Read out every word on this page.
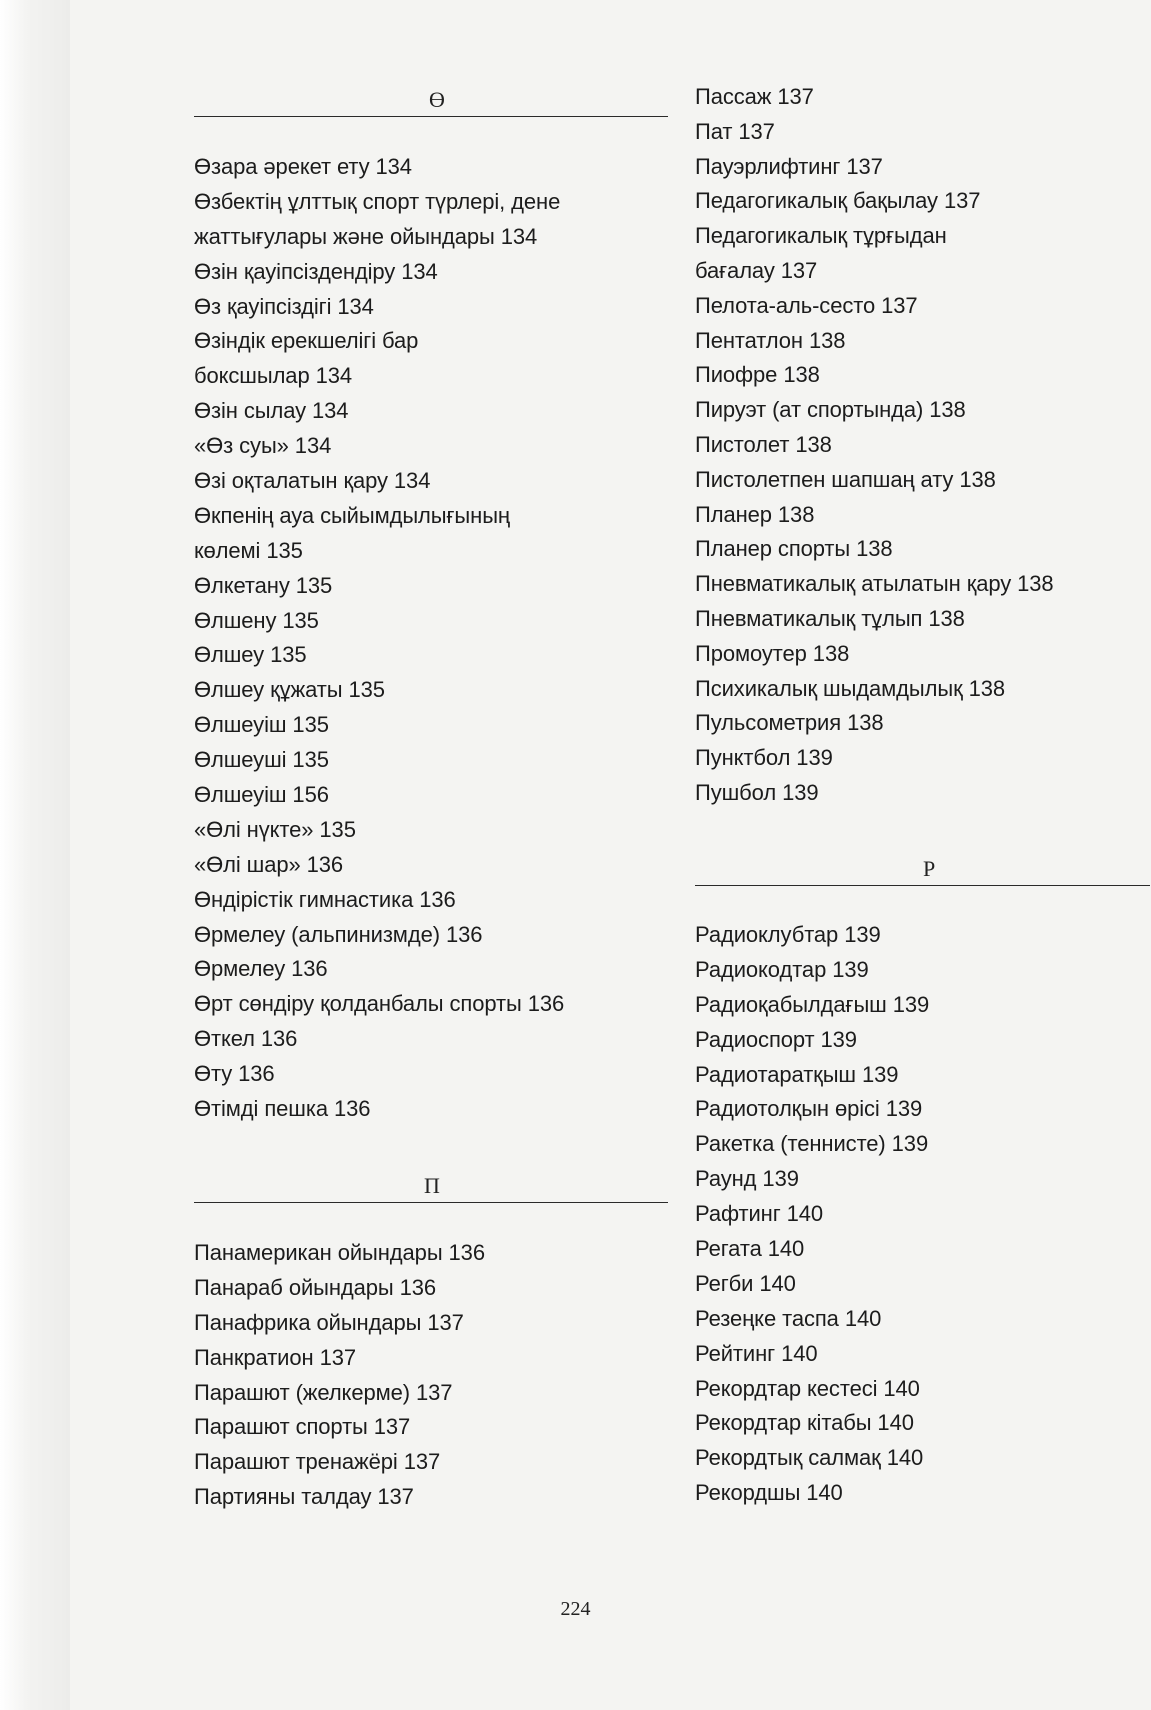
Ө
Өзара әрекет ету 134
Өзбектің ұлттық спорт түрлері, дене
жаттығулары және ойындары 134
Өзін қауіпсіздендіру 134
Өз қауіпсіздігі 134
Өзіндік ерекшелігі бар
боксшылар 134
Өзін сылау 134
«Өз суы» 134
Өзі оқталатын қару 134
Өкпенің ауа сыйымдылығының
көлемі 135
Өлкетану 135
Өлшену 135
Өлшеу 135
Өлшеу құжаты 135
Өлшеуіш 135
Өлшеуші 135
Өлшеуіш 156
«Өлі нүкте» 135
«Өлі шар» 136
Өндірістік гимнастика 136
Өрмелеу (альпинизмде) 136
Өрмелеу 136
Өрт сөндіру қолданбалы спорты 136
Өткел 136
Өту 136
Өтімді пешка 136
П
Панамерикан ойындары 136
Панараб ойындары 136
Панафрика ойындары 137
Панкратион 137
Парашют (желкерме) 137
Парашют спорты 137
Парашют тренажёрі 137
Партияны талдау 137
Пассаж 137
Пат 137
Пауэрлифтинг 137
Педагогикалық бақылау 137
Педагогикалық тұрғыдан
бағалау 137
Пелота-аль-сесто 137
Пентатлон 138
Пиофре 138
Пируэт (ат спортында) 138
Пистолет 138
Пистолетпен шапшаң ату 138
Планер 138
Планер спорты 138
Пневматикалық атылатын қару 138
Пневматикалық тұлып 138
Промоутер 138
Психикалық шыдамдылық 138
Пульсометрия 138
Пунктбол 139
Пушбол 139
Р
Радиоклубтар 139
Радиокодтар 139
Радиоқабылдағыш 139
Радиоспорт 139
Радиотаратқыш 139
Радиотолқын өрісі 139
Ракетка (теннисте) 139
Раунд 139
Рафтинг 140
Регата 140
Регби 140
Резеңке таспа 140
Рейтинг 140
Рекордтар кестесі 140
Рекордтар кітабы 140
Рекордтық салмақ 140
Рекордшы 140
224
